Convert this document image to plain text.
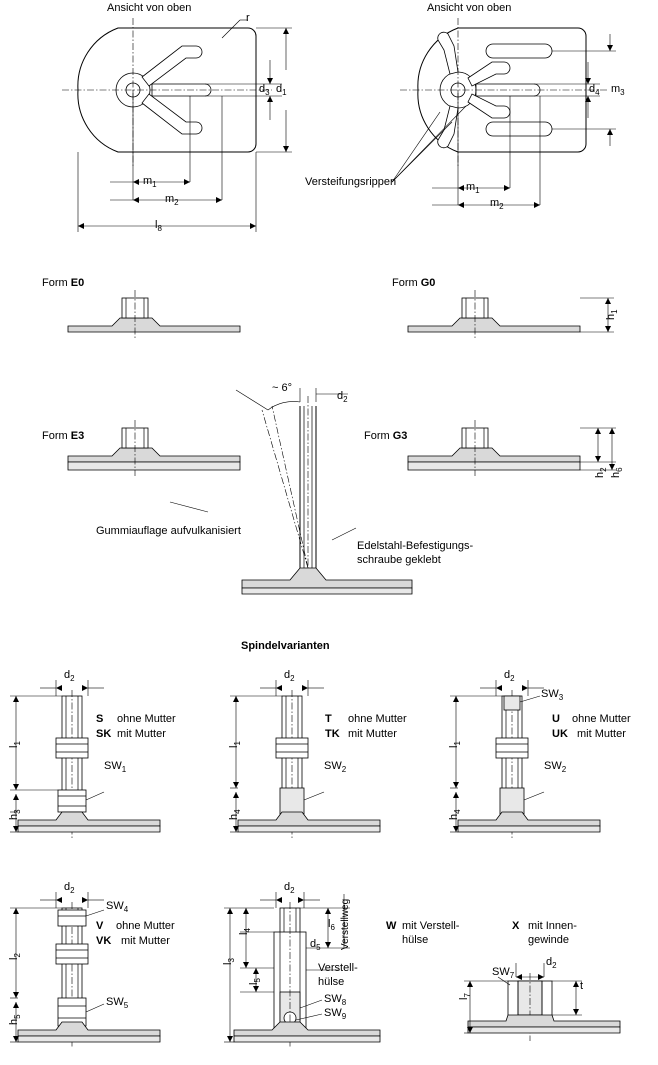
Ansicht von oben	Ansicht von oben
r
$d_3$ $d_1$
$m_1$
$m_2$
$l_8$
$d_4$ $m_3$
$m_1$
$m_2$
Versteifungsrippen
Form E0	Form G0
$h_1$
Form E3	Form G3
~ 6°
$d_2$
$h_2$
$h_6$
Gummiauflage aufvulkanisiert
Edelstahl-Befestigungs-
schraube geklebt
Spindelvarianten
$d_2$
S ohne Mutter
SK mit Mutter
$l_1$
$h_3$
$SW_1$
$d_2$
T ohne Mutter
TK mit Mutter
$l_1$
$h_4$
$SW_2$
$d_2$
$SW_3$
U ohne Mutter
UK mit Mutter
$l_1$
$h_4$
$SW_2$
$d_2$
$SW_4$
V ohne Mutter
VK mit Mutter
$l_2$
$h_5$
$SW_5$
$d_2$
Verstellweg
$l_6$
$d_5$
$l_3$
$l_4$
$l_5$
Verstell-
hülse
$SW_8$
$SW_9$
W mit Verstell-
hülse
X mit Innen-
gewinde
$SW_7$
$d_2$
t
$l_7$
